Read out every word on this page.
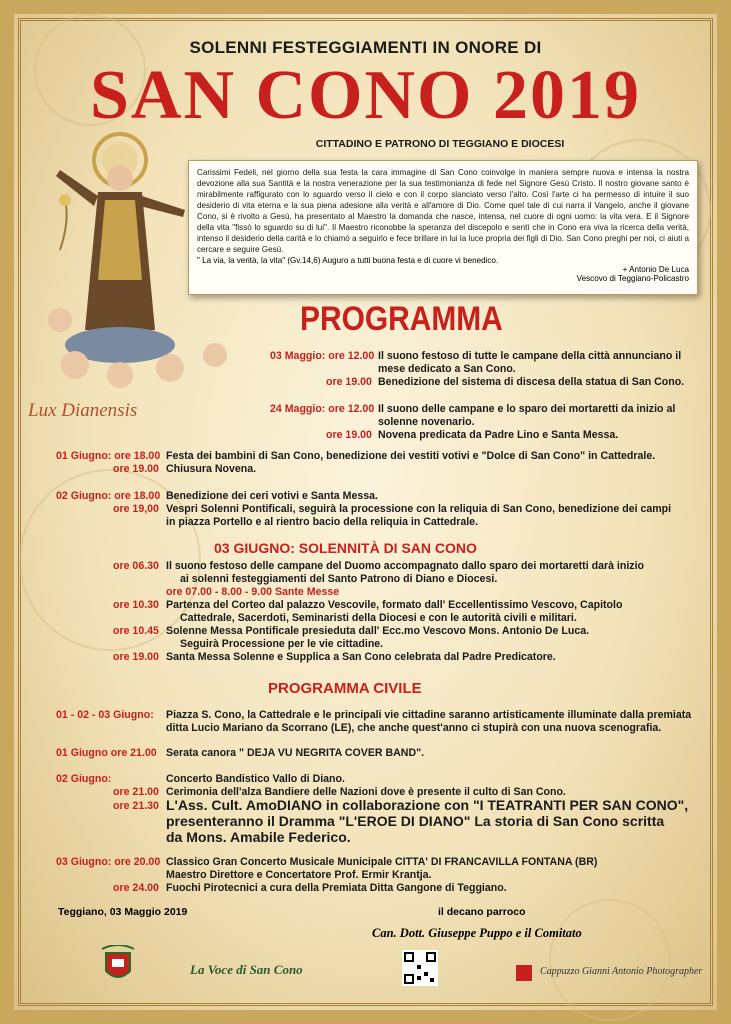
SOLENNI FESTEGGIAMENTI IN ONORE DI
SAN CONO 2019
CITTADINO E PATRONO DI TEGGIANO E DIOCESI
Lux Dianensis
Carissimi Fedeli, nel giorno della sua festa la cara immagine di San Cono coinvolge in maniera sempre nuova e intensa la nostra devozione alla sua Santità e la nostra venerazione per la sua testimonianza di fede nel Signore Gesù Cristo. Il nostro giovane santo è mirabilmente raffigurato con lo sguardo verso il cielo e con il corpo slanciato verso l'alto. Così l'arte ci ha permesso di intuire il suo desiderio di vita eterna e la sua piena adesione alla verità e all'amore di Dio. Come quel tale di cui narra il Vangelo, anche il giovane Cono, si è rivolto a Gesù, ha presentato al Maestro la domanda che nasce, intensa, nel cuore di ogni uomo: la vita vera. E il Signore della vita "fissò lo sguardo su di lui". Il Maestro riconobbe la speranza del discepolo e sentì che in Cono era viva la ricerca della verità, intenso il desiderio della carità e lo chiamò a seguirlo e fece brillare in lui la luce propria dei figli di Dio. San Cono preghi per noi, ci aiuti a cercare e seguire Gesù.
" La via, la verità, la vita" (Gv.14,6) Auguro a tutti buona festa e di cuore vi benedico.
+ Antonio De Luca
Vescovo di Teggiano-Policastro
PROGRAMMA
03 Maggio: ore 12.00 Il suono festoso di tutte le campane della città annunciano il
mese dedicato a San Cono.
ore 19.00 Benedizione del sistema di discesa della statua di San Cono.
24 Maggio: ore 12.00 Il suono delle campane e lo sparo dei mortaretti da inizio al
solenne novenario.
ore 19.00 Novena predicata da Padre Lino e Santa Messa.
01 Giugno: ore 18.00 Festa dei bambini di San Cono, benedizione dei vestiti votivi e "Dolce di San Cono" in Cattedrale.
ore 19.00 Chiusura Novena.
02 Giugno: ore 18.00 Benedizione dei ceri votivi e Santa Messa.
ore 19,00 Vespri Solenni Pontificali, seguirà la processione con la reliquia di San Cono, benedizione dei campi
in piazza Portello e al rientro bacio della reliquia in Cattedrale.
03 GIUGNO: SOLENNITÀ DI SAN CONO
ore 06.30 Il suono festoso delle campane del Duomo accompagnato dallo sparo dei mortaretti darà inizio
ai solenni festeggiamenti del Santo Patrono di Diano e Diocesi.
ore 07.00 - 8.00 - 9.00 Sante Messe
ore 10.30 Partenza del Corteo dal palazzo Vescovile, formato dall' Eccellentissimo Vescovo, Capitolo
Cattedrale, Sacerdoti, Seminaristi della Diocesi e con le autorità civili e militari.
ore 10.45 Solenne Messa Pontificale presieduta dall' Ecc.mo Vescovo Mons. Antonio De Luca.
Seguirà Processione per le vie cittadine.
ore 19.00 Santa Messa Solenne e Supplica a San Cono celebrata dal Padre Predicatore.
PROGRAMMA CIVILE
01 - 02 - 03 Giugno: Piazza S. Cono, la Cattedrale e le principali vie cittadine saranno artisticamente illuminate dalla premiata
ditta Lucio Mariano da Scorrano (LE), che anche quest'anno ci stupirà con una nuova scenografia.
01 Giugno ore 21.00 Serata canora " DEJA VU NEGRITA COVER BAND".
02 Giugno:	Concerto Bandistico Vallo di Diano.
ore 21.00 Cerimonia dell'alza Bandiere delle Nazioni dove è presente il culto di San Cono.
ore 21.30 L'Ass. Cult. AmoDIANO in collaborazione con "I TEATRANTI PER SAN CONO",
presenteranno il Dramma "L'EROE DI DIANO" La storia di San Cono scritta
da Mons. Amabile Federico.
03 Giugno: ore 20.00 Classico Gran Concerto Musicale Municipale CITTA' DI FRANCAVILLA FONTANA (BR)
Maestro Direttore e Concertatore Prof. Ermir Krantja.
ore 24.00 Fuochi Pirotecnici a cura della Premiata Ditta Gangone di Teggiano.
Teggiano, 03 Maggio 2019	il decano parroco
Can. Dott. Giuseppe Puppo e il Comitato
La Voce di San Cono	Cappuzzo Gianni Antonio Photographer
